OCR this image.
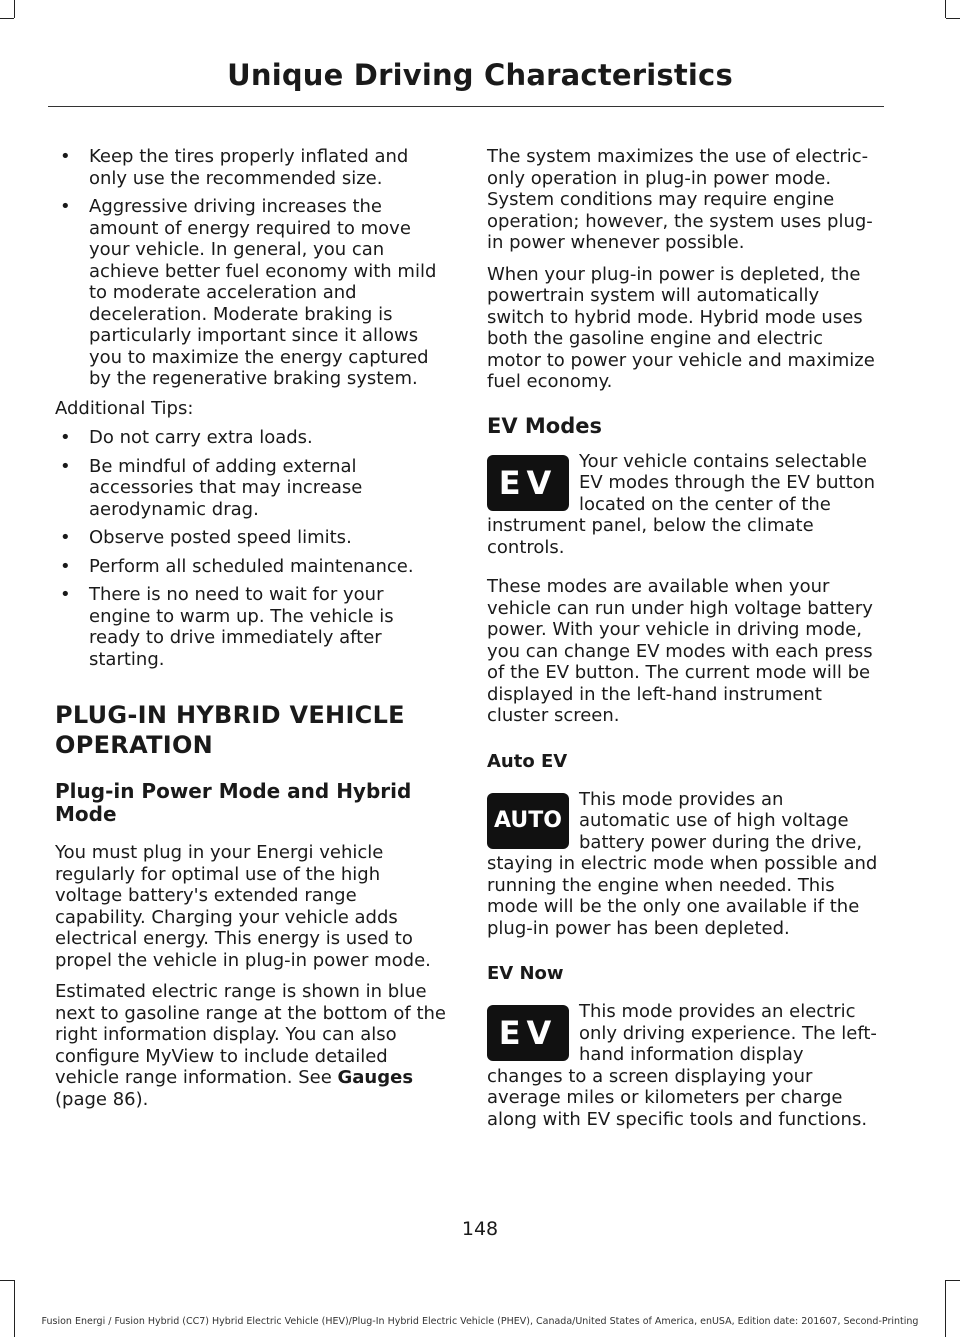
Unique Driving Characteristics
• Keep the tires properly inflated and only use the recommended size.
• Aggressive driving increases the amount of energy required to move your vehicle. In general, you can achieve better fuel economy with mild to moderate acceleration and deceleration. Moderate braking is particularly important since it allows you to maximize the energy captured by the regenerative braking system.

Additional Tips:

• Do not carry extra loads.
• Be mindful of adding external accessories that may increase aerodynamic drag.
• Observe posted speed limits.
• Perform all scheduled maintenance.
• There is no need to wait for your engine to warm up. The vehicle is ready to drive immediately after starting.
PLUG-IN HYBRID VEHICLE
OPERATION
Plug-in Power Mode and Hybrid Mode

You must plug in your Energi vehicle regularly for optimal use of the high voltage battery's extended range capability. Charging your vehicle adds electrical energy. This energy is used to propel the vehicle in plug-in power mode.

Estimated electric range is shown in blue next to gasoline range at the bottom of the right information display. You can also configure MyView to include detailed vehicle range information. See Gauges (page 86).

The system maximizes the use of electric-only operation in plug-in power mode. System conditions may require engine operation; however, the system uses plug-in power whenever possible.

When your plug-in power is depleted, the powertrain system will automatically switch to hybrid mode. Hybrid mode uses both the gasoline engine and electric motor to power your vehicle and maximize fuel economy.

EV Modes
EV

Your vehicle contains selectable EV modes through the EV button located on the center of the instrument panel, below the climate controls.

These modes are available when your vehicle can run under high voltage battery power. With your vehicle in driving mode, you can change EV modes with each press of the EV button. The current mode will be displayed in the left-hand instrument cluster screen.

Auto EV
AUTO

This mode provides an automatic use of high voltage battery power during the drive, staying in electric mode when possible and running the engine when needed. This mode will be the only one available if the plug-in power has been depleted.

EV Now
EV

This mode provides an electric only driving experience. The left-hand information display changes to a screen displaying your average miles or kilometers per charge along with EV specific tools and functions.

148
Fusion Energi / Fusion Hybrid (CC7) Hybrid Electric Vehicle (HEV)/Plug-In Hybrid Electric Vehicle (PHEV), Canada/United States of America, enUSA, Edition date: 201607, Second-Printing
